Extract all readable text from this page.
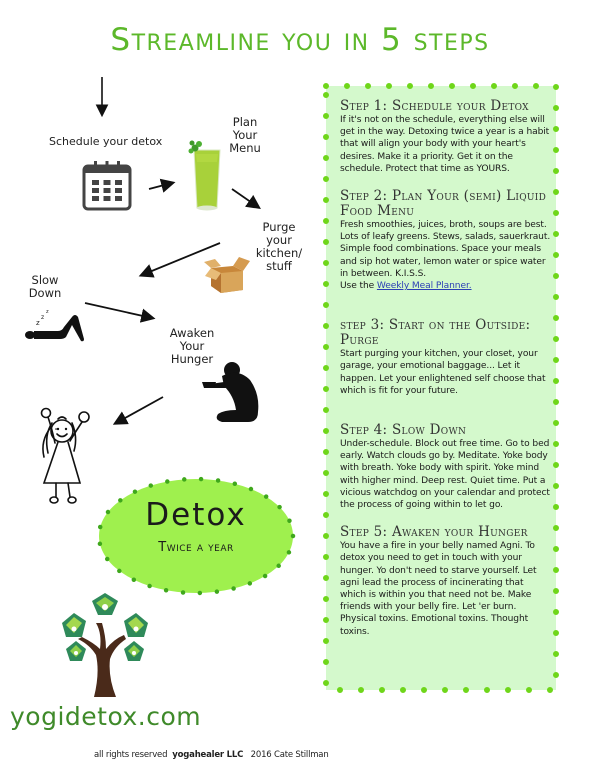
Streamline you in 5 steps
Schedule your detox
Plan
Your
Menu
Purge
your
kitchen/
stuff
Slow
Down
Awaken
Your
Hunger
z
z
z
Detox
Twice a year
yogidetox.com
Step 1: Schedule your Detox
If it's not on the schedule, everything else will get in the way. Detoxing twice a year is a habit that will align your body with your heart's desires. Make it a priority. Get it on the schedule. Protect that time as YOURS.
Step 2: Plan Your (semi) Liquid Food Menu
Fresh smoothies, juices, broth, soups are best. Lots of leafy greens. Stews, salads, sauerkraut. Simple food combinations. Space your meals and sip hot water, lemon water or spice water in between. K.I.S.S.
Use the Weekly Meal Planner.
step 3: Start on the Outside: Purge
Start purging your kitchen, your closet, your garage, your emotional baggage... Let it happen. Let your enlightened self choose that which is fit for your future.
Step 4: Slow Down
Under-schedule. Block out free time. Go to bed early. Watch clouds go by. Meditate. Yoke body with breath. Yoke body with spirit. Yoke mind with higher mind. Deep rest. Quiet time. Put a vicious watchdog on your calendar and protect the process of going within to let go.
Step 5: Awaken your Hunger
You have a fire in your belly named Agni. To detox you need to get in touch with your hunger. Yo don't need to starve yourself. Let agni lead the process of incinerating that which is within you that need not be. Make friends with your belly fire. Let 'er burn. Physical toxins. Emotional toxins. Thought toxins.
all rights reserved yogahealer LLC 2016 Cate Stillman
